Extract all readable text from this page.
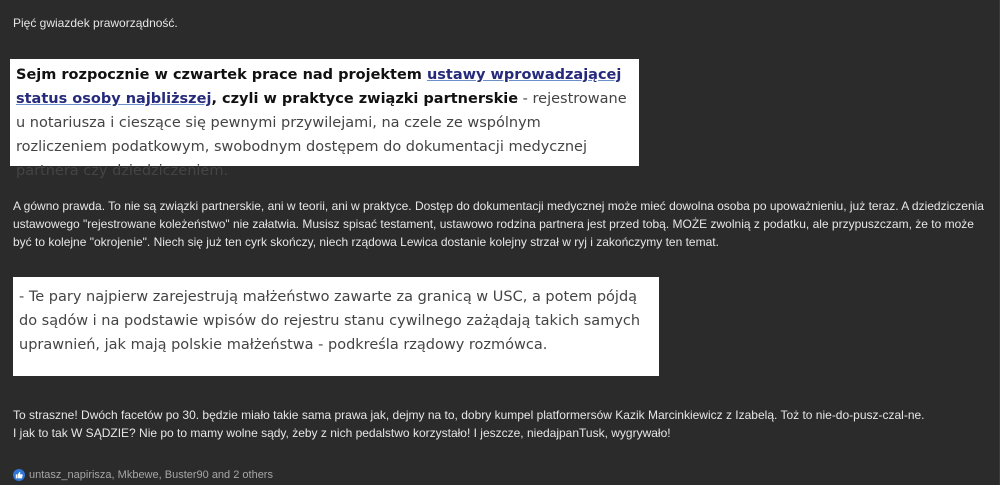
Pięć gwiazdek praworządność.

Sejm rozpocznie w czwartek prace nad projektem ustawy wprowadzającej status osoby najbliższej, czyli w praktyce związki partnerskie - rejestrowane u notariusza i cieszące się pewnymi przywilejami, na czele ze wspólnym rozliczeniem podatkowym, swobodnym dostępem do dokumentacji medycznej partnera czy dziedziczeniem.

A gówno prawda. To nie są związki partnerskie, ani w teorii, ani w praktyce. Dostęp do dokumentacji medycznej może mieć dowolna osoba po upoważnieniu, już teraz. A dziedziczenia ustawowego "rejestrowane koleżeństwo" nie załatwia. Musisz spisać testament, ustawowo rodzina partnera jest przed tobą. MOŻE zwolnią z podatku, ale przypuszczam, że to może być to kolejne "okrojenie". Niech się już ten cyrk skończy, niech rządowa Lewica dostanie kolejny strzał w ryj i zakończymy ten temat.

- Te pary najpierw zarejestrują małżeństwo zawarte za granicą w USC, a potem pójdą do sądów i na podstawie wpisów do rejestru stanu cywilnego zażądają takich samych uprawnień, jak mają polskie małżeństwa - podkreśla rządowy rozmówca.
To straszne! Dwóch facetów po 30. będzie miało takie sama prawa jak, dejmy na to, dobry kumpel platformersów Kazik Marcinkiewicz z Izabelą. Toż to nie-do-pusz-czal-ne.
I jak to tak W SĄDZIE? Nie po to mamy wolne sądy, żeby z nich pedalstwo korzystało! I jeszcze, niedajpanTusk, wygrywało!
untasz_napirisza, Mkbewe, Buster90 and 2 others
